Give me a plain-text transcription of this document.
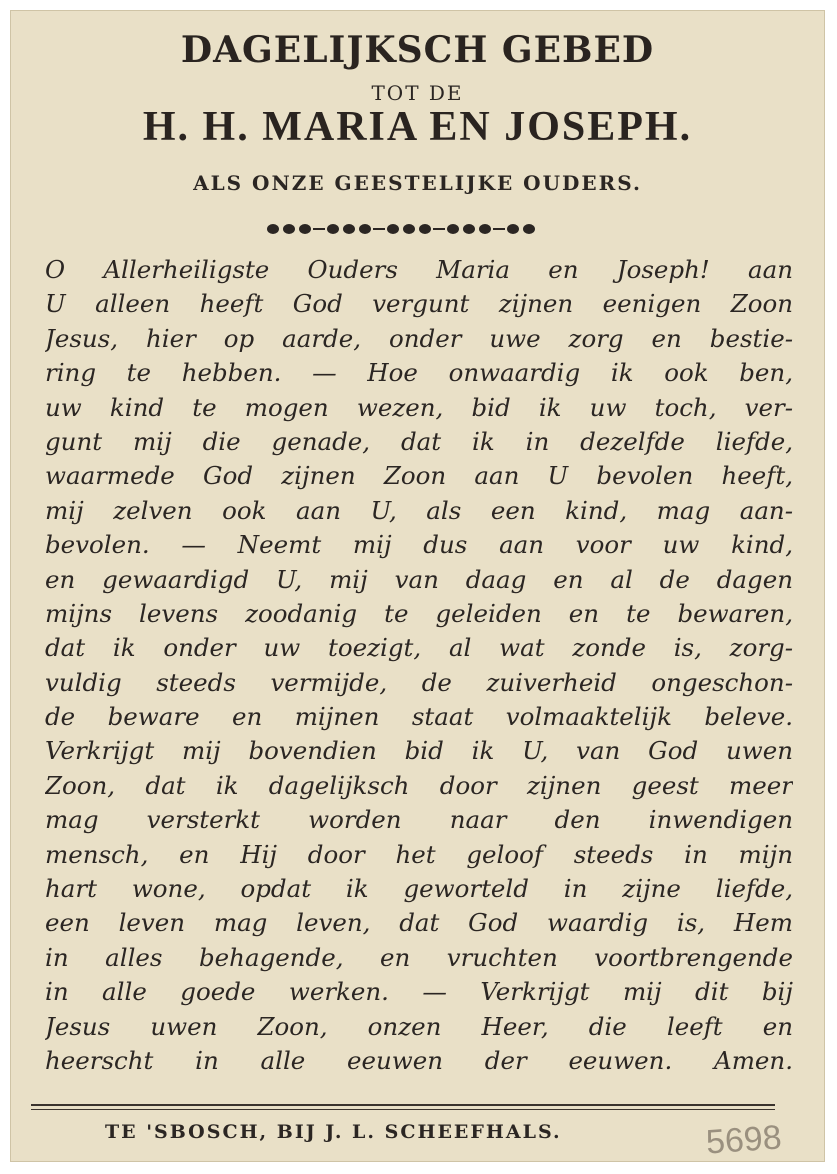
DAGELIJKSCH GEBED
TOT DE
H. H. MARIA EN JOSEPH.
ALS ONZE GEESTELIJKE OUDERS.
O Allerheiligste Ouders Maria en Joseph! aan
U alleen heeft God vergunt zijnen eenigen Zoon
Jesus, hier op aarde, onder uwe zorg en bestie-
ring te hebben. — Hoe onwaardig ik ook ben,
uw kind te mogen wezen, bid ik uw toch, ver-
gunt mij die genade, dat ik in dezelfde liefde,
waarmede God zijnen Zoon aan U bevolen heeft,
mij zelven ook aan U, als een kind, mag aan-
bevolen. — Neemt mij dus aan voor uw kind,
en gewaardigd U, mij van daag en al de dagen
mijns levens zoodanig te geleiden en te bewaren,
dat ik onder uw toezigt, al wat zonde is, zorg-
vuldig steeds vermijde, de zuiverheid ongeschon-
de beware en mijnen staat volmaaktelijk beleve.
Verkrijgt mij bovendien bid ik U, van God uwen
Zoon, dat ik dagelijksch door zijnen geest meer
mag versterkt worden naar den inwendigen
mensch, en Hij door het geloof steeds in mijn
hart wone, opdat ik geworteld in zijne liefde,
een leven mag leven, dat God waardig is, Hem
in alles behagende, en vruchten voortbrengende
in alle goede werken. — Verkrijgt mij dit bij
Jesus uwen Zoon, onzen Heer, die leeft en
heerscht in alle eeuwen der eeuwen. Amen.
TE 'SBOSCH, BIJ J. L. SCHEEFHALS.	5698
